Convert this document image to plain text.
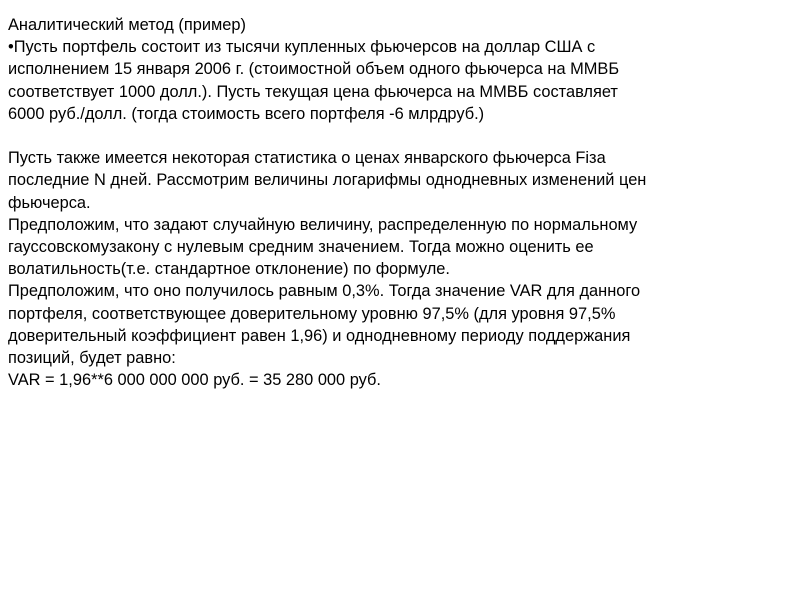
Аналитический метод (пример)
•Пусть портфель состоит из тысячи купленных фьючерсов на доллар США с
исполнением 15 января 2006 г. (стоимостной объем одного фьючерса на ММВБ
соответствует 1000 долл.). Пусть текущая цена фьючерса на ММВБ составляет
6000 руб./долл. (тогда стоимость всего портфеля -6 млрдруб.)
Пусть также имеется некоторая статистика о ценах январского фьючерса Fiза
последние N дней. Рассмотрим величины логарифмы однодневных изменений цен
фьючерса.
Предположим, что задают случайную величину, распределенную по нормальному
гауссовскомузакону с нулевым средним значением. Тогда можно оценить ее
волатильность(т.е. стандартное отклонение) по формуле.
Предположим, что оно получилось равным 0,3%. Тогда значение VAR для данного
портфеля, соответствующее доверительному уровню 97,5% (для уровня 97,5%
доверительный коэффициент равен 1,96) и однодневному периоду поддержания
позиций, будет равно:
VAR = 1,96**6 000 000 000 руб. = 35 280 000 руб.
